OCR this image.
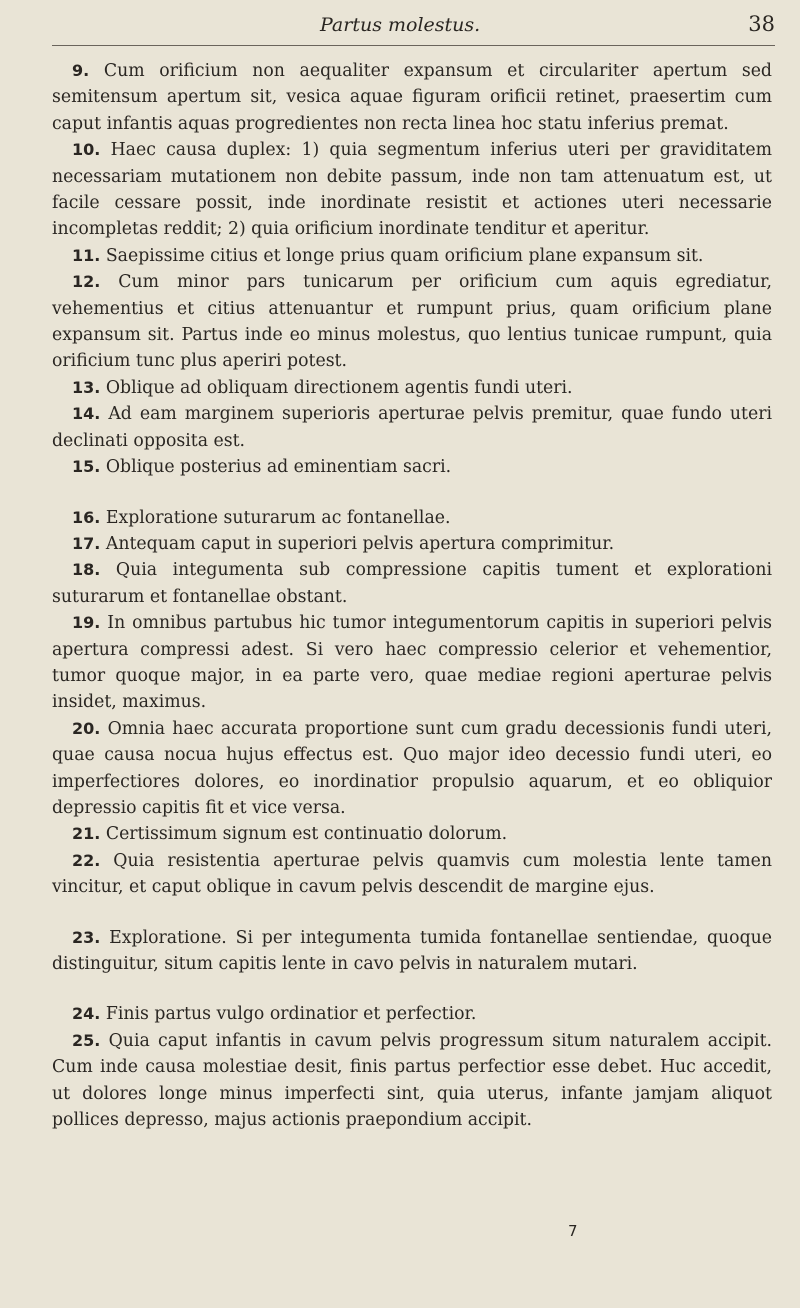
Partus molestus.	38

9. Cum orificium non aequaliter expansum et circulariter apertum sed semitensum apertum sit, vesica aquae figuram orificii retinet, praesertim cum caput infantis aquas progredientes non recta linea hoc statu inferius premat.

10. Haec causa duplex: 1) quia segmentum inferius uteri per graviditatem necessariam mutationem non debite passum, inde non tam attenuatum est, ut facile cessare possit, inde inordinate resistit et actiones uteri necessarie incompletas reddit; 2) quia orificium inordinate tenditur et aperitur.

11. Saepissime citius et longe prius quam orificium plane expansum sit.

12. Cum minor pars tunicarum per orificium cum aquis egrediatur, vehementius et citius attenuantur et rumpunt prius, quam orificium plane expansum sit. Partus inde eo minus molestus, quo lentius tunicae rumpunt, quia orificium tunc plus aperiri potest.

13. Oblique ad obliquam directionem agentis fundi uteri.

14. Ad eam marginem superioris aperturae pelvis premitur, quae fundo uteri declinati opposita est.

15. Oblique posterius ad eminentiam sacri.

16. Exploratione suturarum ac fontanellae.

17. Antequam caput in superiori pelvis apertura comprimitur.

18. Quia integumenta sub compressione capitis tument et explorationi suturarum et fontanellae obstant.

19. In omnibus partubus hic tumor integumentorum capitis in superiori pelvis apertura compressi adest. Si vero haec compressio celerior et vehementior, tumor quoque major, in ea parte vero, quae mediae regioni aperturae pelvis insidet, maximus.

20. Omnia haec accurata proportione sunt cum gradu decessionis fundi uteri, quae causa nocua hujus effectus est. Quo major ideo decessio fundi uteri, eo imperfectiores dolores, eo inordinatior propulsio aquarum, et eo obliquior depressio capitis fit et vice versa.

21. Certissimum signum est continuatio dolorum.

22. Quia resistentia aperturae pelvis quamvis cum molestia lente tamen vincitur, et caput oblique in cavum pelvis descendit de margine ejus.

23. Exploratione. Si per integumenta tumida fontanellae sentiendae, quoque distinguitur, situm capitis lente in cavo pelvis in naturalem mutari.

24. Finis partus vulgo ordinatior et perfectior.

25. Quia caput infantis in cavum pelvis progressum situm naturalem accipit. Cum inde causa molestiae desit, finis partus perfectior esse debet. Huc accedit, ut dolores longe minus imperfecti sint, quia uterus, infante jamjam aliquot pollices depresso, majus actionis praepondium accipit.

7
